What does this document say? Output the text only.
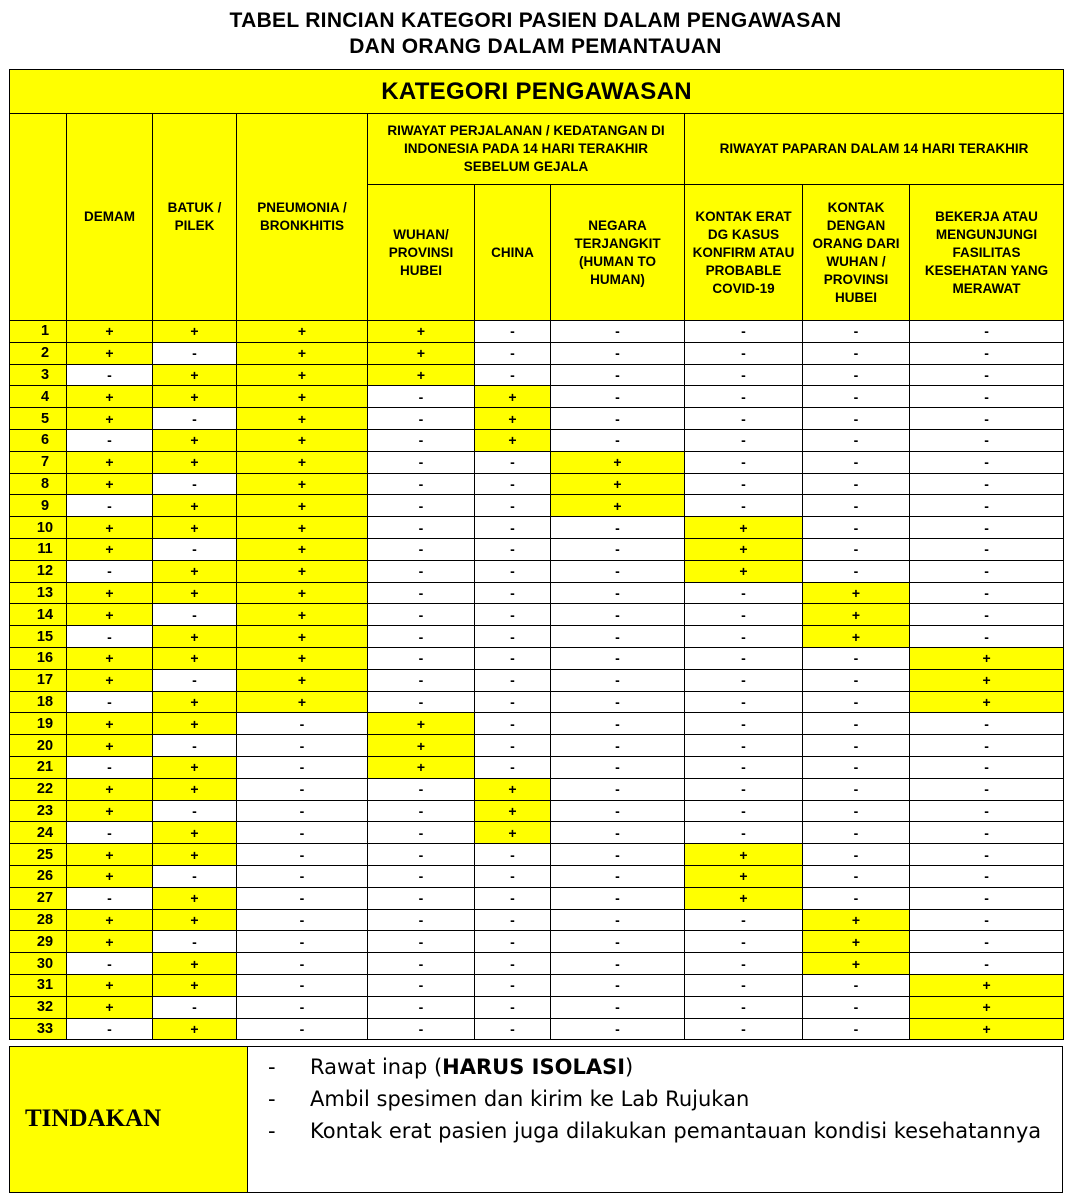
TABEL RINCIAN KATEGORI PASIEN DALAM PENGAWASAN
DAN ORANG DALAM PEMANTAUAN
KATEGORI PENGAWASAN									
	DEMAM	BATUK / PILEK	PNEUMONIA / BRONKHITIS	RIWAYAT PERJALANAN / KEDATANGAN DI INDONESIA PADA 14 HARI TERAKHIR SEBELUM GEJALA			RIWAYAT PAPARAN DALAM 14 HARI TERAKHIR		
				WUHAN/ PROVINSI HUBEI	CHINA	NEGARA TERJANGKIT (HUMAN TO HUMAN)	KONTAK ERAT DG KASUS KONFIRM ATAU PROBABLE COVID-19	KONTAK DENGAN ORANG DARI WUHAN / PROVINSI HUBEI	BEKERJA ATAU MENGUNJUNGI FASILITAS KESEHATAN YANG MERAWAT
1	+	+	+	+	-	-	-	-	-
2	+	-	+	+	-	-	-	-	-
3	-	+	+	+	-	-	-	-	-
4	+	+	+	-	+	-	-	-	-
5	+	-	+	-	+	-	-	-	-
6	-	+	+	-	+	-	-	-	-
7	+	+	+	-	-	+	-	-	-
8	+	-	+	-	-	+	-	-	-
9	-	+	+	-	-	+	-	-	-
10	+	+	+	-	-	-	+	-	-
11	+	-	+	-	-	-	+	-	-
12	-	+	+	-	-	-	+	-	-
13	+	+	+	-	-	-	-	+	-
14	+	-	+	-	-	-	-	+	-
15	-	+	+	-	-	-	-	+	-
16	+	+	+	-	-	-	-	-	+
17	+	-	+	-	-	-	-	-	+
18	-	+	+	-	-	-	-	-	+
19	+	+	-	+	-	-	-	-	-
20	+	-	-	+	-	-	-	-	-
21	-	+	-	+	-	-	-	-	-
22	+	+	-	-	+	-	-	-	-
23	+	-	-	-	+	-	-	-	-
24	-	+	-	-	+	-	-	-	-
25	+	+	-	-	-	-	+	-	-
26	+	-	-	-	-	-	+	-	-
27	-	+	-	-	-	-	+	-	-
28	+	+	-	-	-	-	-	+	-
29	+	-	-	-	-	-	-	+	-
30	-	+	-	-	-	-	-	+	-
31	+	+	-	-	-	-	-	-	+
32	+	-	-	-	-	-	-	-	+
33	-	+	-	-	-	-	-	-	+
TINDAKAN
-	Rawat inap (HARUS ISOLASI)
-	Ambil spesimen dan kirim ke Lab Rujukan
-	Kontak erat pasien juga dilakukan pemantauan kondisi kesehatannya
